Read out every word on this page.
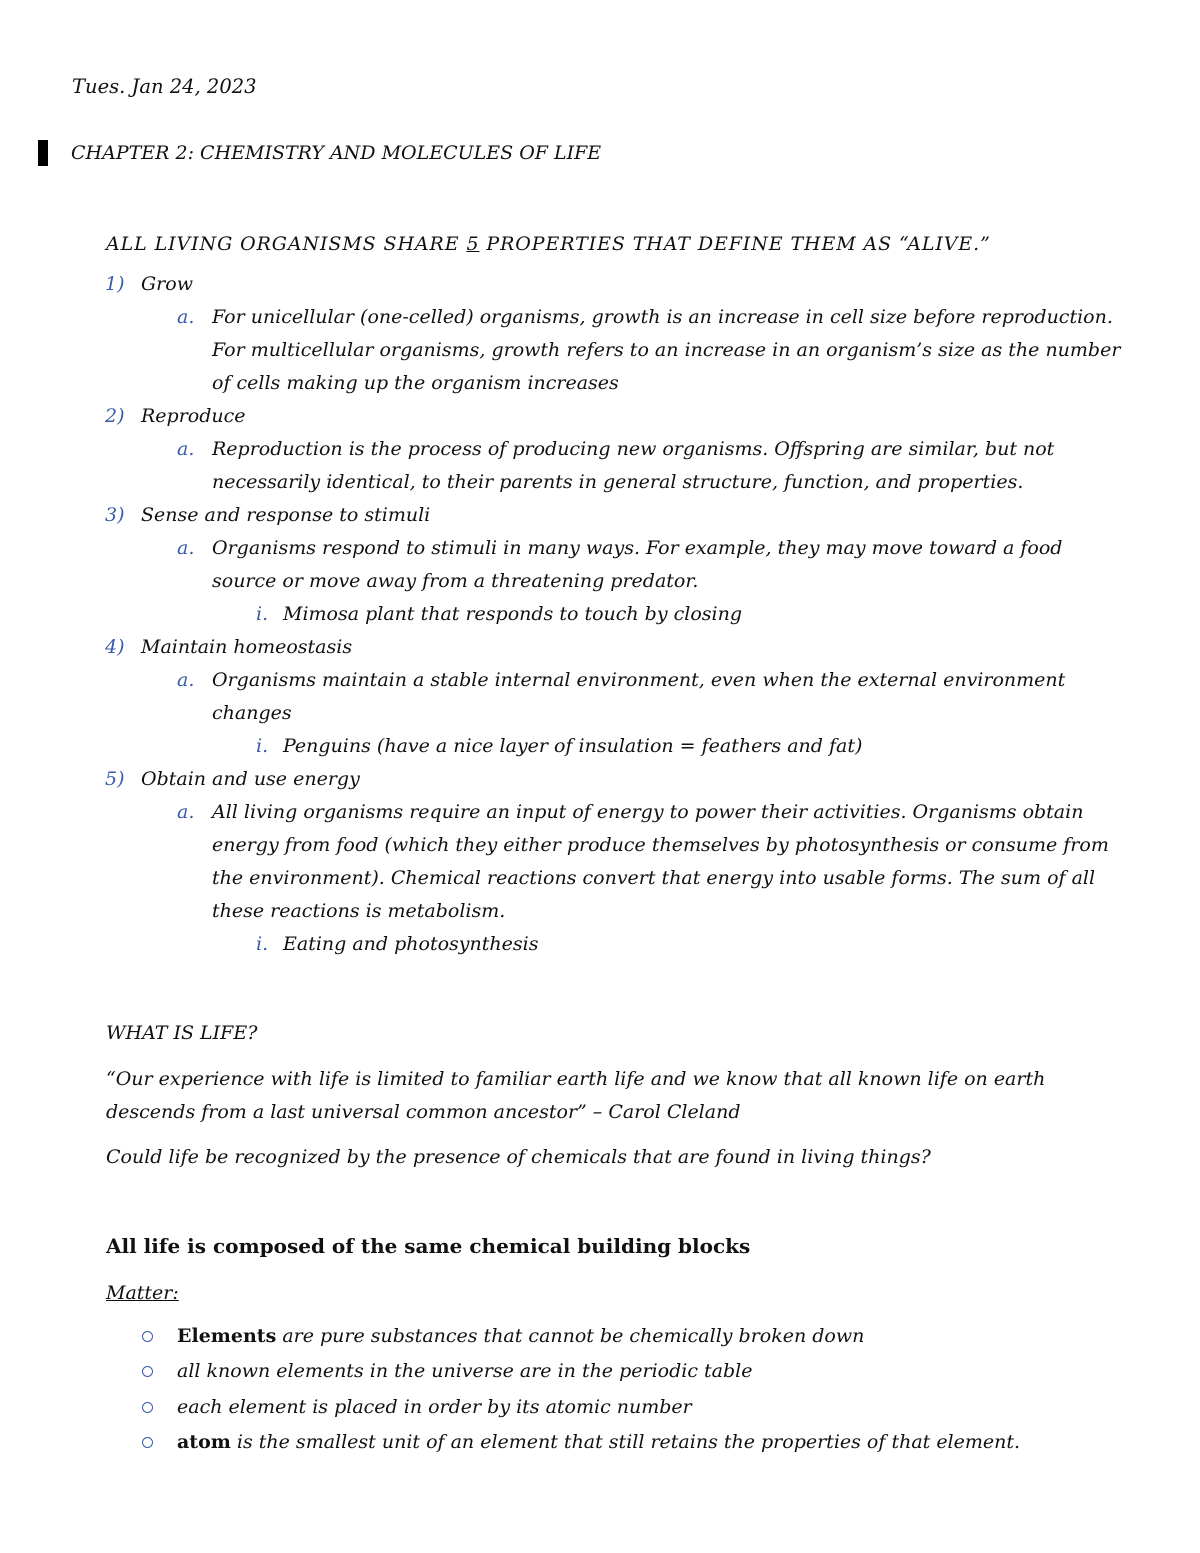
Tues. Jan 24, 2023
CHAPTER 2: CHEMISTRY AND MOLECULES OF LIFE
ALL LIVING ORGANISMS SHARE 5 PROPERTIES THAT DEFINE THEM AS “ALIVE.”
1) Grow
a. For unicellular (one-celled) organisms, growth is an increase in cell size before reproduction.
For multicellular organisms, growth refers to an increase in an organism’s size as the number
of cells making up the organism increases
2) Reproduce
a. Reproduction is the process of producing new organisms. Offspring are similar, but not
necessarily identical, to their parents in general structure, function, and properties.
3) Sense and response to stimuli
a. Organisms respond to stimuli in many ways. For example, they may move toward a food
source or move away from a threatening predator.
i. Mimosa plant that responds to touch by closing
4) Maintain homeostasis
a. Organisms maintain a stable internal environment, even when the external environment
changes
i. Penguins (have a nice layer of insulation = feathers and fat)
5) Obtain and use energy
a. All living organisms require an input of energy to power their activities. Organisms obtain
energy from food (which they either produce themselves by photosynthesis or consume from
the environment). Chemical reactions convert that energy into usable forms. The sum of all
these reactions is metabolism.
i. Eating and photosynthesis
WHAT IS LIFE?
“Our experience with life is limited to familiar earth life and we know that all known life on earth
descends from a last universal common ancestor” – Carol Cleland
Could life be recognized by the presence of chemicals that are found in living things?
All life is composed of the same chemical building blocks
Matter:
Elements are pure substances that cannot be chemically broken down
all known elements in the universe are in the periodic table
each element is placed in order by its atomic number
atom is the smallest unit of an element that still retains the properties of that element.
